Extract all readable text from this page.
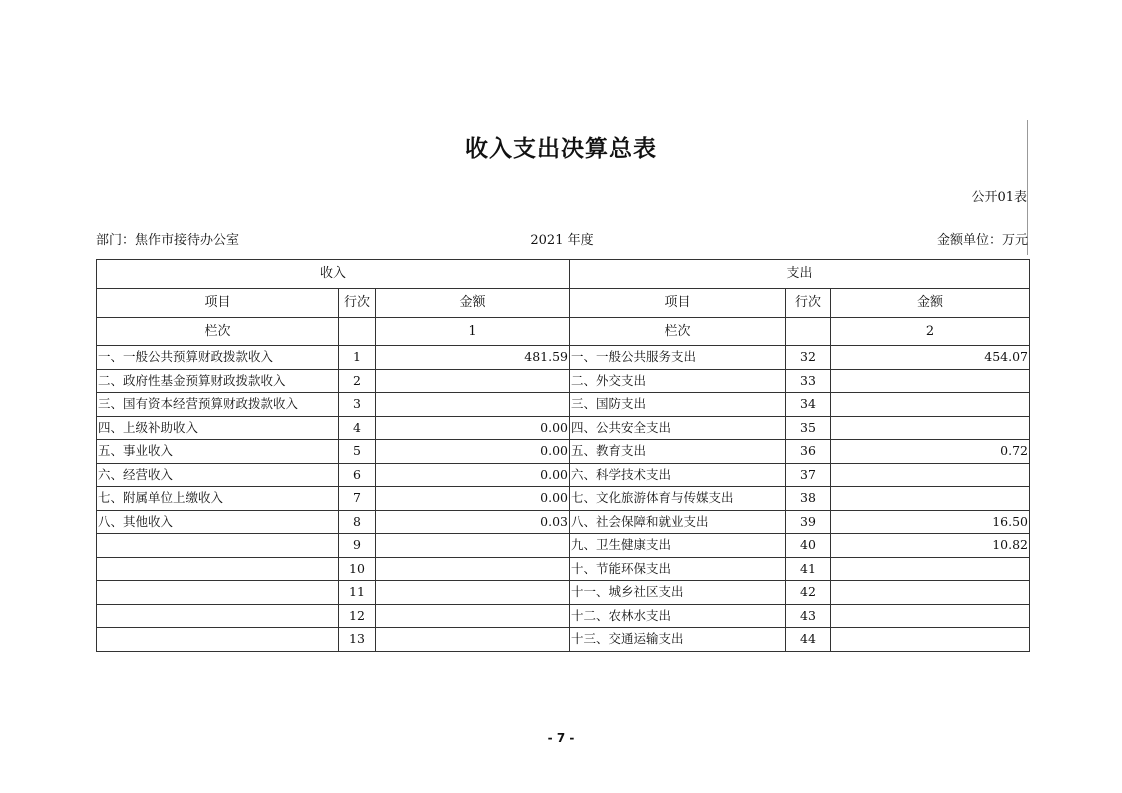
收入支出决算总表
公开01表
部门：焦作市接待办公室	2021 年度	金额单位：万元
收入			支出		
项目	行次	金额	项目	行次	金额
栏次		1	栏次		2
一、一般公共预算财政拨款收入	1	481.59	一、一般公共服务支出	32	454.07
二、政府性基金预算财政拨款收入	2		二、外交支出	33	
三、国有资本经营预算财政拨款收入	3		三、国防支出	34	
四、上级补助收入	4	0.00	四、公共安全支出	35	
五、事业收入	5	0.00	五、教育支出	36	0.72
六、经营收入	6	0.00	六、科学技术支出	37	
七、附属单位上缴收入	7	0.00	七、文化旅游体育与传媒支出	38	
八、其他收入	8	0.03	八、社会保障和就业支出	39	16.50
	9		九、卫生健康支出	40	10.82
	10		十、节能环保支出	41	
	11		十一、城乡社区支出	42	
	12		十二、农林水支出	43	
	13		十三、交通运输支出	44	
- 7 -
